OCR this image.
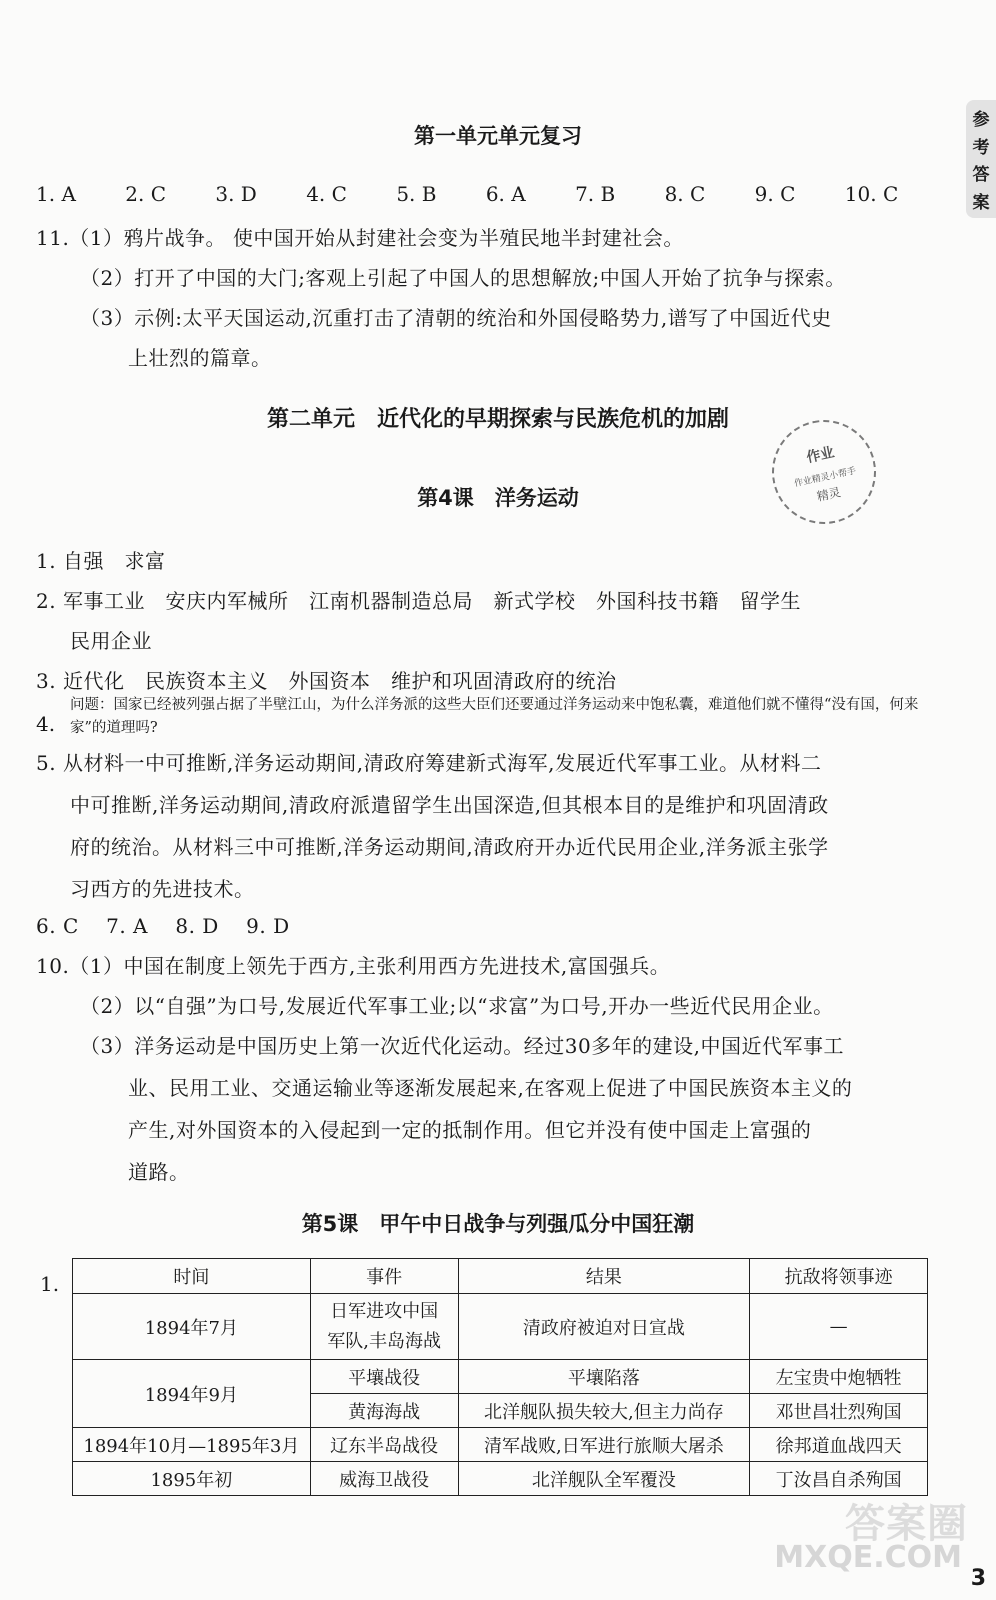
参
考
答
案
第一单元单元复习
1. A 2. C 3. D 4. C 5. B 6. A 7. B 8. C 9. C 10. C
11.（1）鸦片战争。 使中国开始从封建社会变为半殖民地半封建社会。
（2）打开了中国的大门;客观上引起了中国人的思想解放;中国人开始了抗争与探索。
（3）示例:太平天国运动,沉重打击了清朝的统治和外国侵略势力,谱写了中国近代史
上壮烈的篇章。
第二单元　近代化的早期探索与民族危机的加剧
作业
作业精灵小帮手
精灵
第4课　洋务运动
1. 自强　求富
2. 军事工业　安庆内军械所　江南机器制造总局　新式学校　外国科技书籍　留学生
民用企业
3. 近代化　民族资本主义　外国资本　维护和巩固清政府的统治
4.
问题：国家已经被列强占据了半壁江山，为什么洋务派的这些大臣们还要通过洋务运动来中饱私囊，难道他们就不懂得“没有国，何来家”的道理吗?
5. 从材料一中可推断,洋务运动期间,清政府筹建新式海军,发展近代军事工业。从材料二
中可推断,洋务运动期间,清政府派遣留学生出国深造,但其根本目的是维护和巩固清政
府的统治。从材料三中可推断,洋务运动期间,清政府开办近代民用企业,洋务派主张学
习西方的先进技术。
6. C　 7. A　 8. D　 9. D
10.（1）中国在制度上领先于西方,主张利用西方先进技术,富国强兵。
（2）以“自强”为口号,发展近代军事工业;以“求富”为口号,开办一些近代民用企业。
（3）洋务运动是中国历史上第一次近代化运动。经过30多年的建设,中国近代军事工
业、民用工业、交通运输业等逐渐发展起来,在客观上促进了中国民族资本主义的
产生,对外国资本的入侵起到一定的抵制作用。但它并没有使中国走上富强的
道路。
第5课　甲午中日战争与列强瓜分中国狂潮
1.	时间	事件	结果	抗敌将领事迹
1894年7月	日军进攻中国
军队,丰岛海战	清政府被迫对日宣战	—
1894年9月	平壤战役	平壤陷落	左宝贵中炮牺牲
	黄海海战	北洋舰队损失较大,但主力尚存	邓世昌壮烈殉国
1894年10月—1895年3月	辽东半岛战役	清军战败,日军进行旅顺大屠杀	徐邦道血战四天
1895年初	威海卫战役	北洋舰队全军覆没	丁汝昌自杀殉国
答案圈
MXQE.COM
3
